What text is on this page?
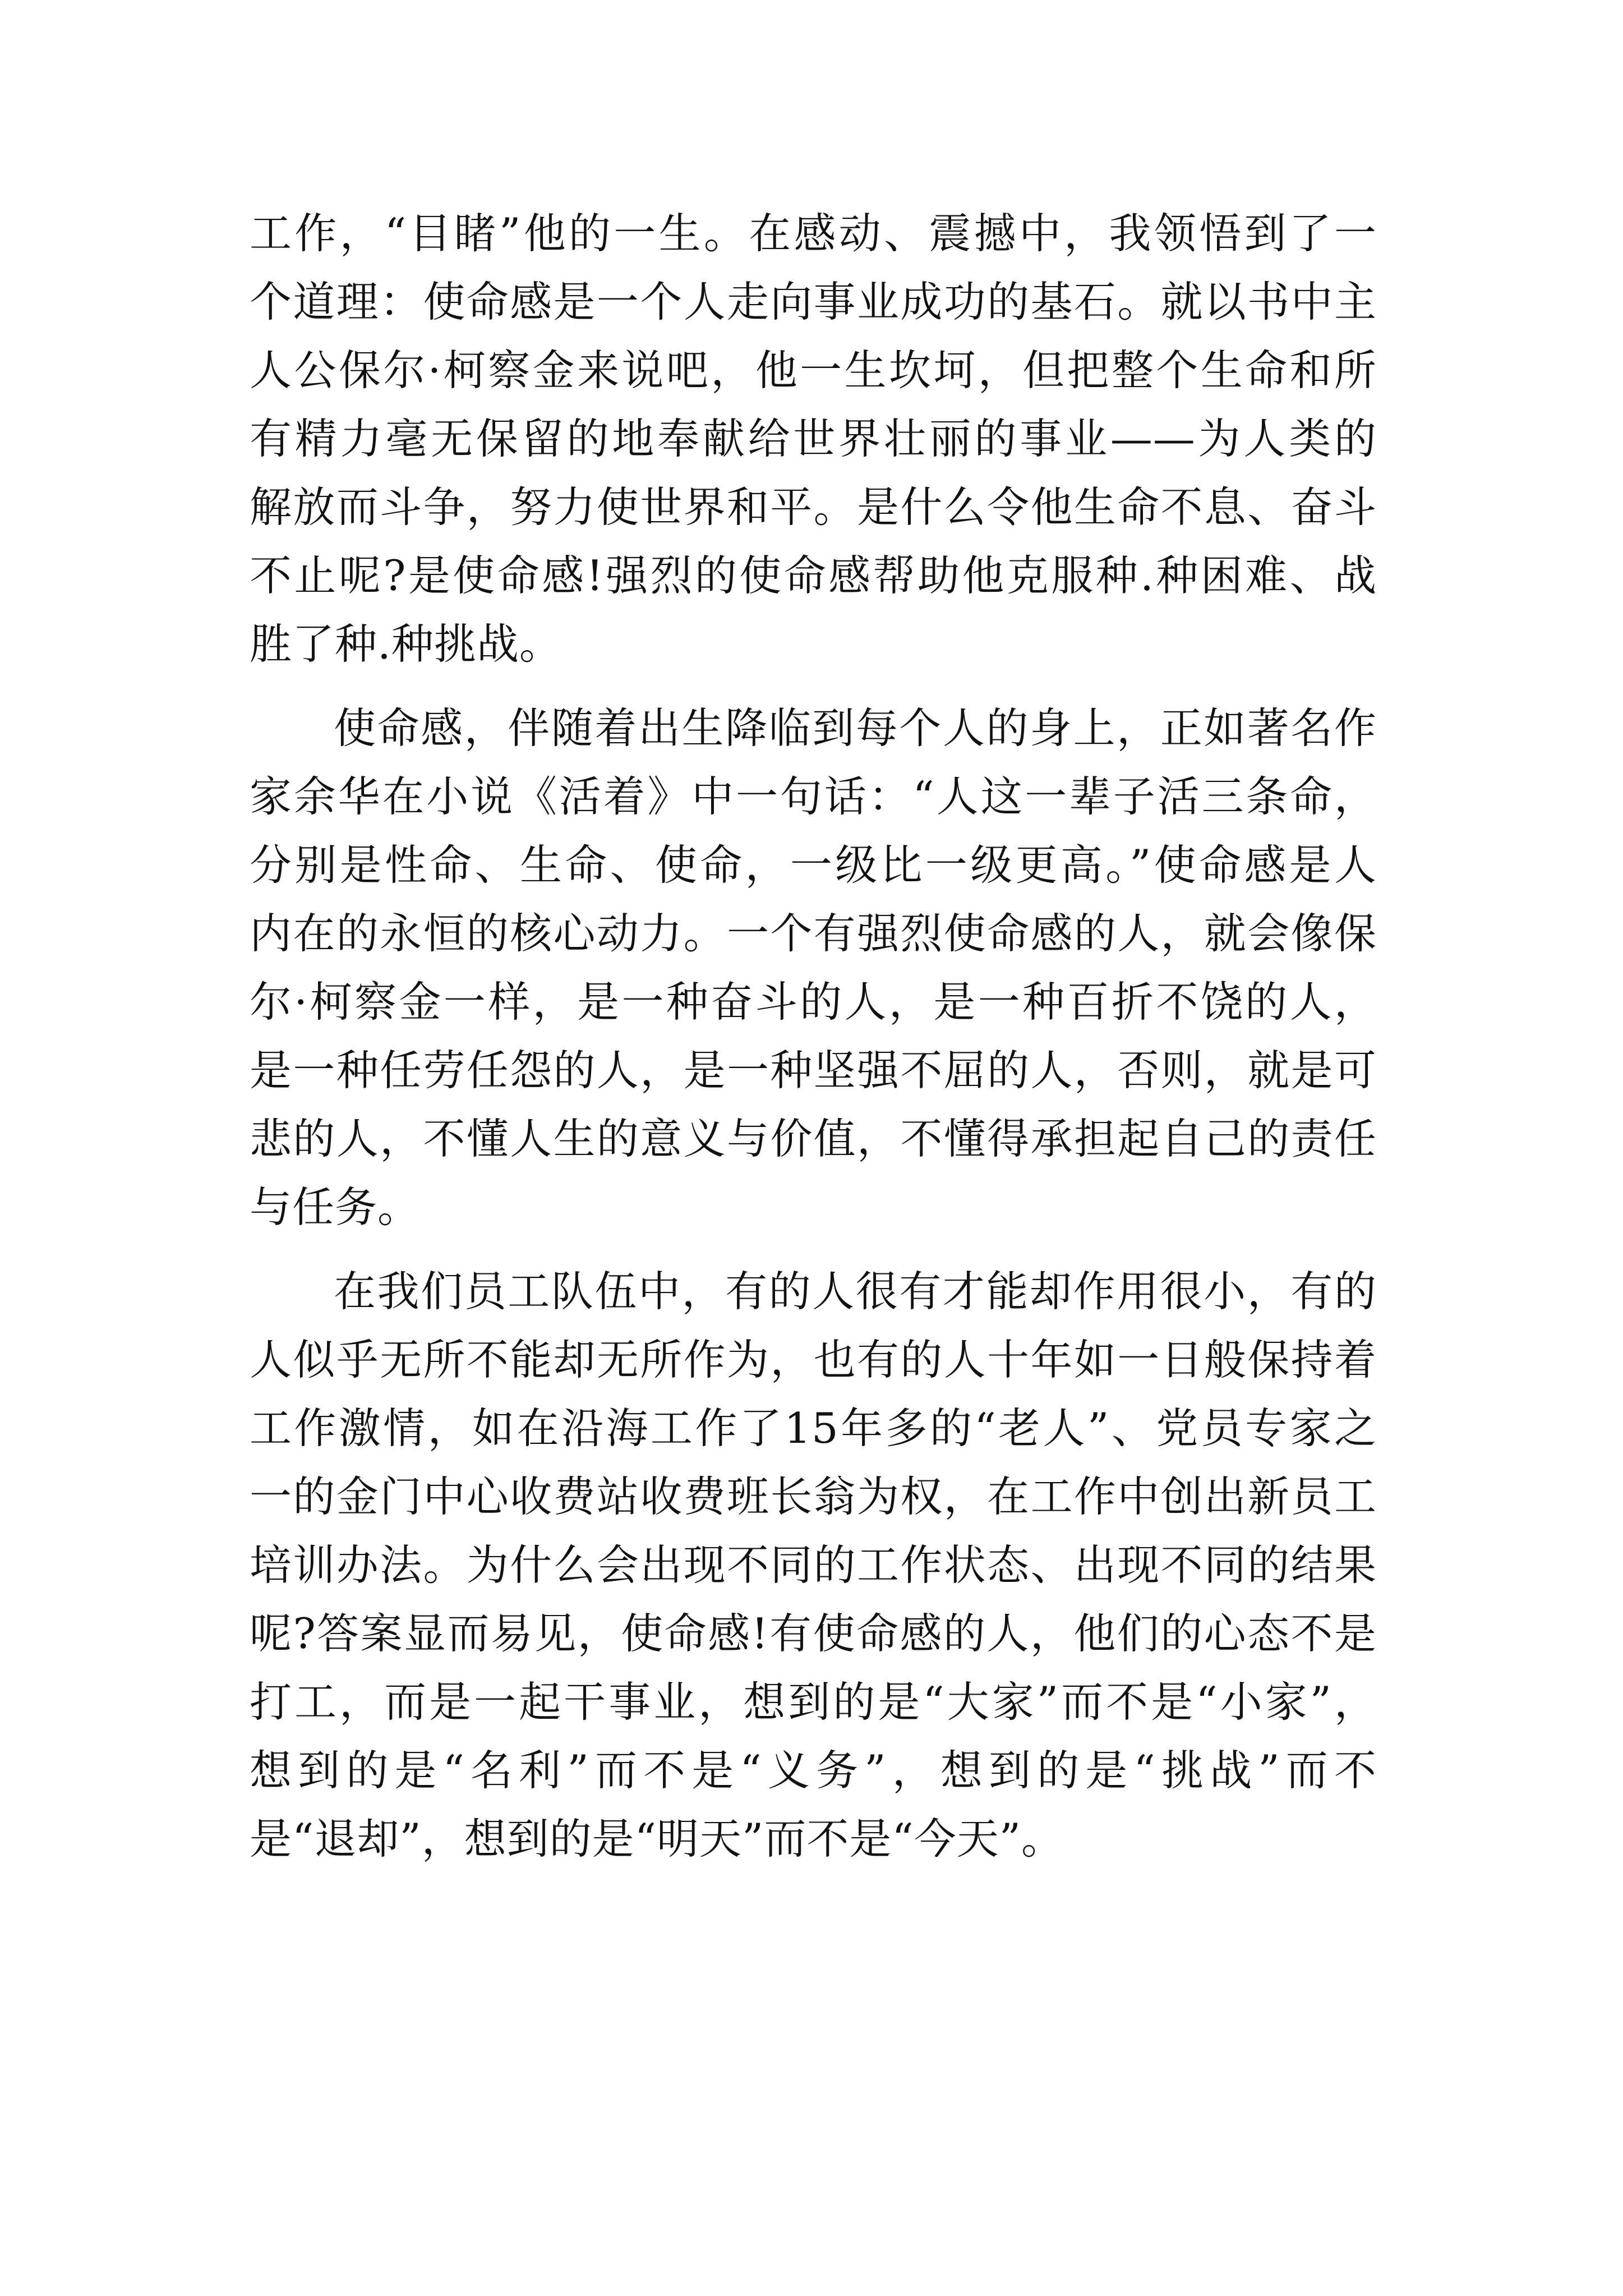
工作，“目睹”他的一生。在感动、震撼中，我领悟到了一
个道理：使命感是一个人走向事业成功的基石。就以书中主
人公保尔·柯察金来说吧，他一生坎坷，但把整个生命和所
有精力毫无保留的地奉献给世界壮丽的事业——为人类的
解放而斗争，努力使世界和平。是什么令他生命不息、奋斗
不止呢?是使命感!强烈的使命感帮助他克服种.种困难、战
胜了种.种挑战。
使命感，伴随着出生降临到每个人的身上，正如著名作
家余华在小说《活着》中一句话：“人这一辈子活三条命，
分别是性命、生命、使命，一级比一级更高。”使命感是人
内在的永恒的核心动力。一个有强烈使命感的人，就会像保
尔·柯察金一样，是一种奋斗的人，是一种百折不饶的人，
是一种任劳任怨的人，是一种坚强不屈的人，否则，就是可
悲的人，不懂人生的意义与价值，不懂得承担起自己的责任
与任务。
在我们员工队伍中，有的人很有才能却作用很小，有的
人似乎无所不能却无所作为，也有的人十年如一日般保持着
工作激情，如在沿海工作了15年多的“老人”、党员专家之
一的金门中心收费站收费班长翁为权，在工作中创出新员工
培训办法。为什么会出现不同的工作状态、出现不同的结果
呢?答案显而易见，使命感!有使命感的人，他们的心态不是
打工，而是一起干事业，想到的是“大家”而不是“小家”，
想到的是“名利”而不是“义务”，想到的是“挑战”而不
是“退却”，想到的是“明天”而不是“今天”。
